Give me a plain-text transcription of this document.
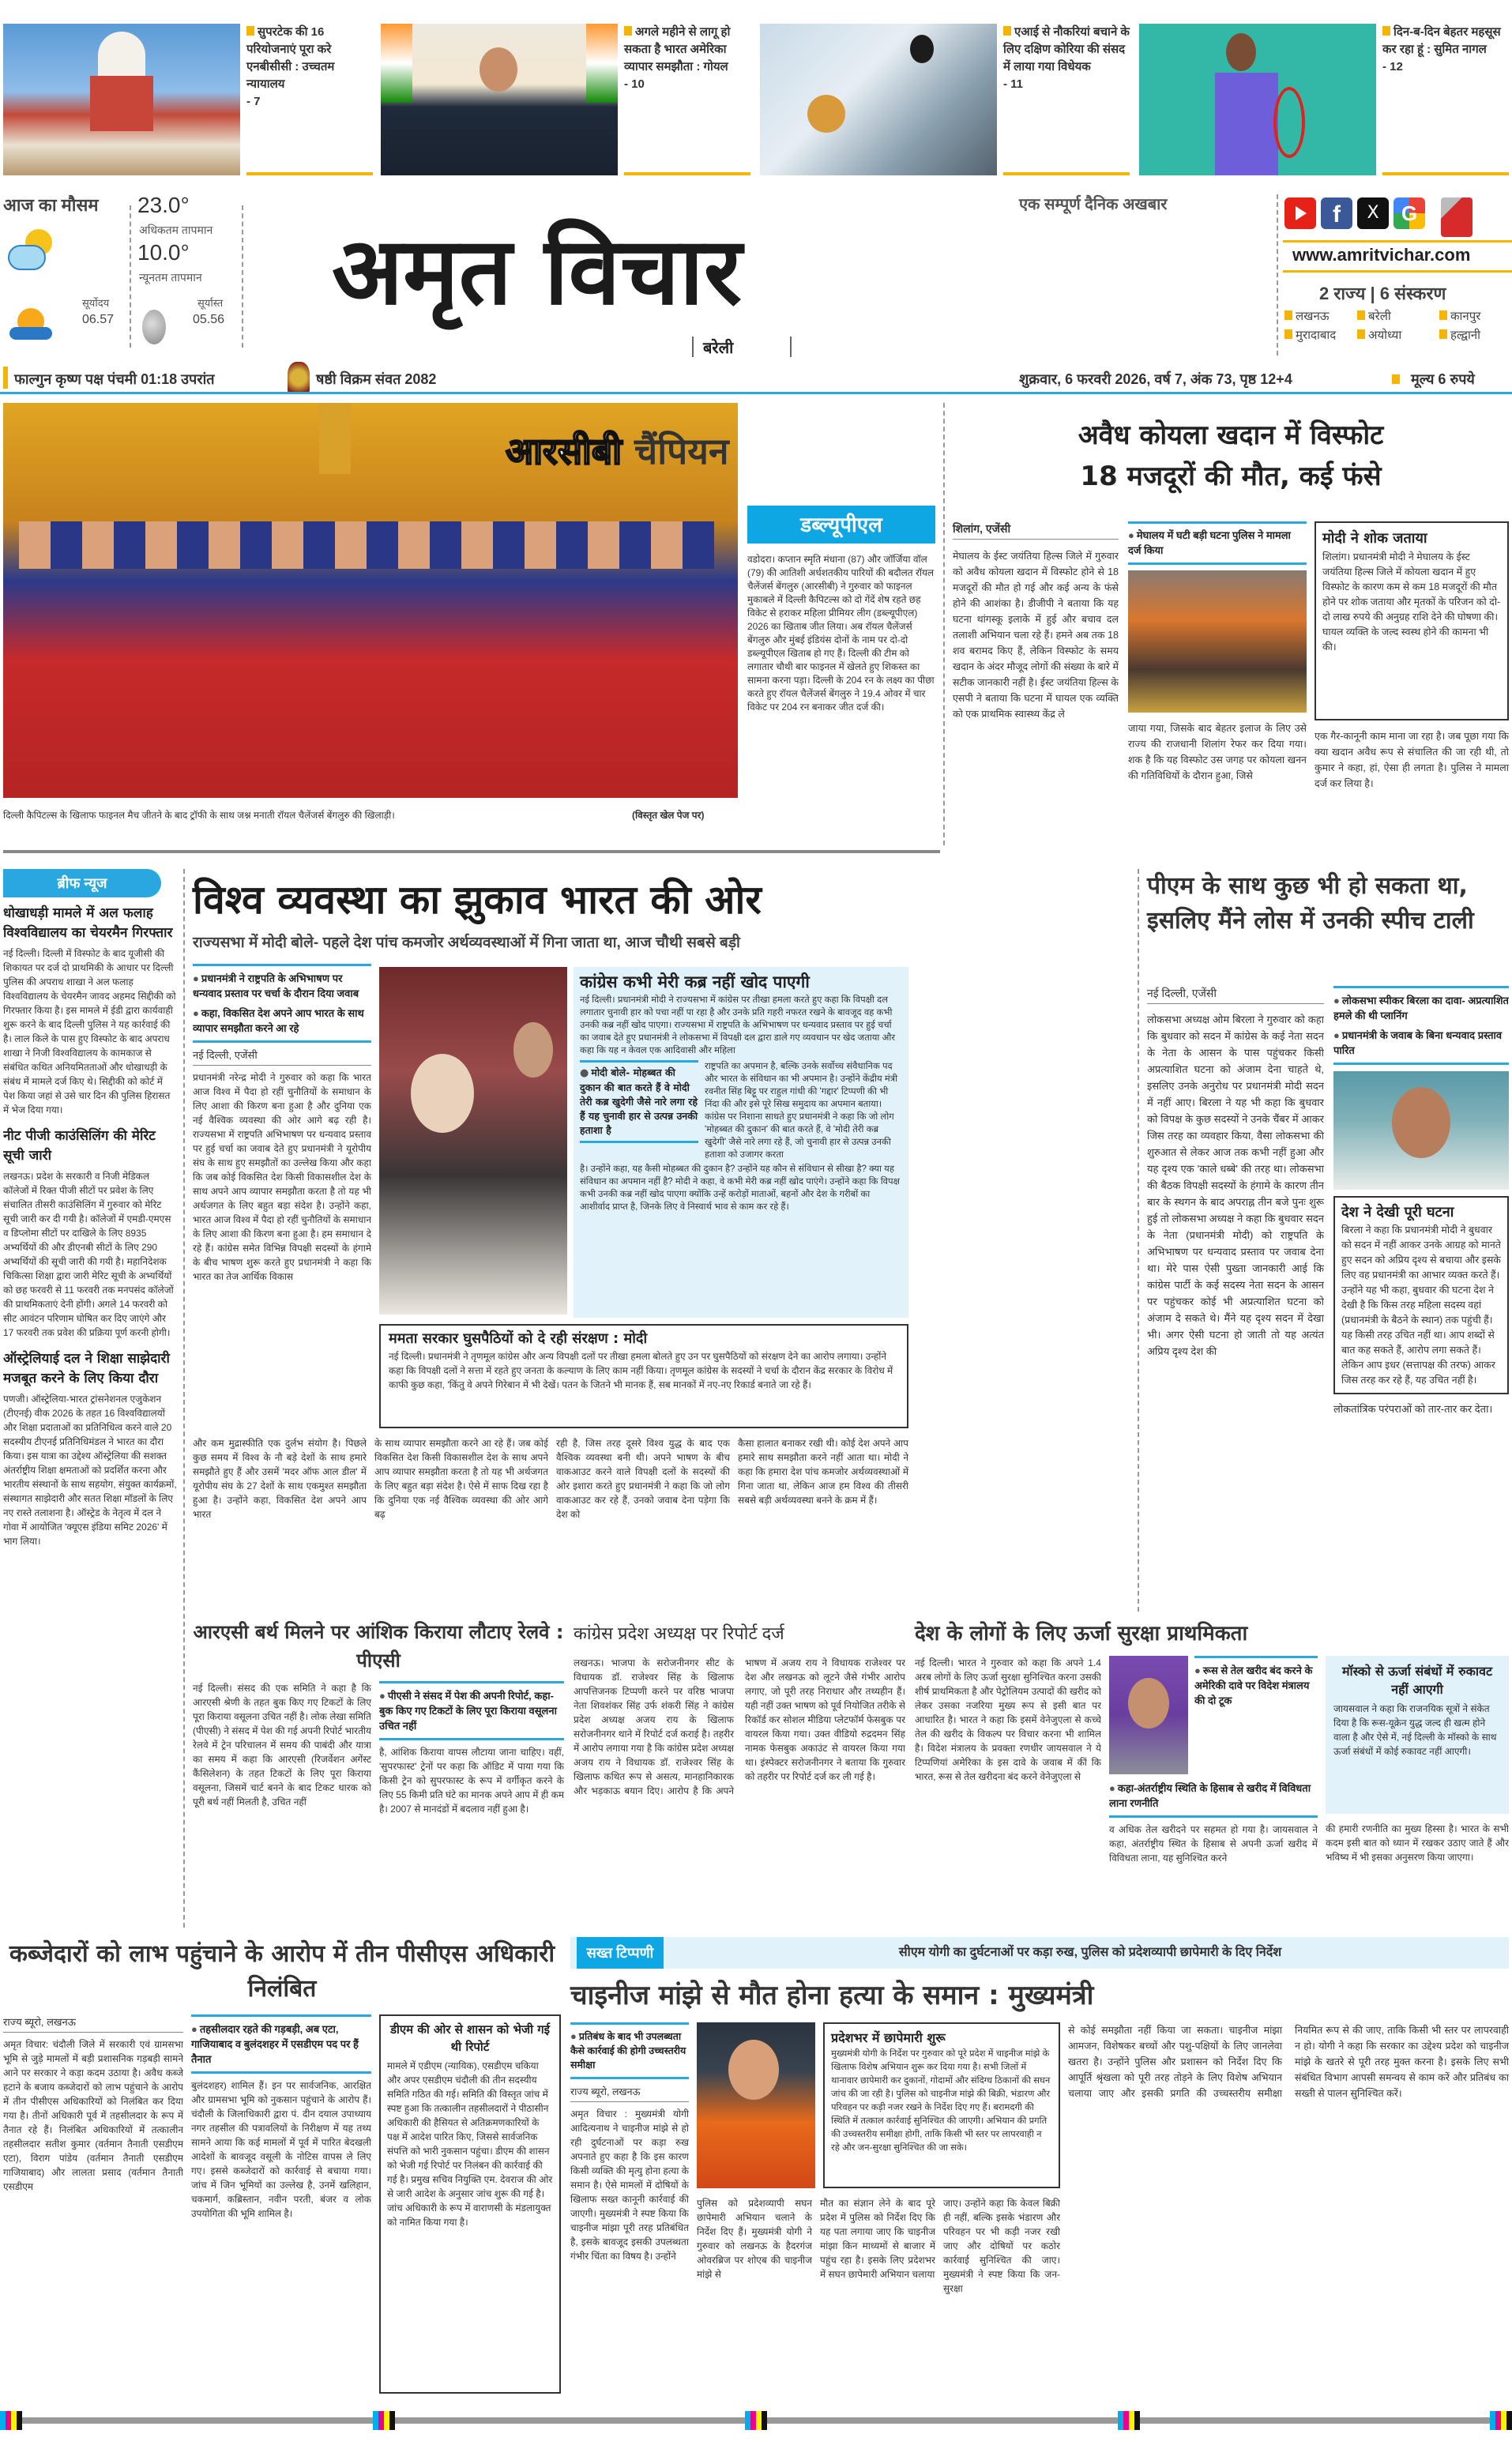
सुपरटेक की 16 परियोजनाएं पूरा करे एनबीसीसी : उच्चतम न्यायालय
- 7
अगले महीने से लागू हो सकता है भारत अमेरिका व्यापार समझौता : गोयल
- 10
एआई से नौकरियां बचाने के लिए दक्षिण कोरिया की संसद में लाया गया विधेयक
- 11
दिन-ब-दिन बेहतर महसूस कर रहा हूं : सुमित नागल
- 12
आज का मौसम 23.0°
अधिकतम तापमान
10.0°
न्यूनतम तापमान
सूर्योदय
06.57
सूर्यास्त
05.56 अमृत विचार
एक सम्पूर्ण दैनिक अखबार
बरेली
f	X	G
www.amritvichar.com
2 राज्य | 6 संस्करण
लखनऊ	बरेली	कानपुर
मुरादाबाद	अयोध्या	हल्द्वानी
फाल्गुन कृष्ण पक्ष पंचमी 01:18 उपरांत	षष्ठी विक्रम संवत 2082	शुक्रवार, 6 फरवरी 2026, वर्ष 7, अंक 73, पृष्ठ 12+4	मूल्य 6 रुपये
आरसीबी चैंपियन
डब्ल्यूपीएल
वडोदरा। कप्तान स्मृति मंधाना (87) और जॉर्जिया वॉल (79) की आतिशी अर्धशतकीय पारियों की बदौलत रॉयल चैलेंजर्स बेंगलुरु (आरसीबी) ने गुरुवार को फाइनल मुकाबले में दिल्ली कैपिटल्स को दो गेंदें शेष रहते छह विकेट से हराकर महिला प्रीमियर लीग (डब्ल्यूपीएल) 2026 का खिताब जीत लिया। अब रॉयल चैलेंजर्स बेंगलुरु और मुंबई इंडियंस दोनों के नाम पर दो-दो डब्ल्यूपीएल खिताब हो गए हैं। दिल्ली की टीम को लगातार चौथी बार फाइनल में खेलते हुए शिकस्त का सामना करना पड़ा। दिल्ली के 204 रन के लक्ष्य का पीछा करते हुए रॉयल चैलेंजर्स बेंगलुरु ने 19.4 ओवर में चार विकेट पर 204 रन बनाकर जीत दर्ज की।
दिल्ली कैपिटल्स के खिलाफ फाइनल मैच जीतने के बाद ट्रॉफी के साथ जश्न मनाती रॉयल चैलेंजर्स बेंगलुरु की खिलाड़ी।	(विस्तृत खेल पेज पर)
अवैध कोयला खदान में विस्फोट
18 मजदूरों की मौत, कई फंसे
शिलांग, एजेंसी
मेघालय के ईस्ट जयंतिया हिल्स जिले में गुरुवार को अवैध कोयला खदान में विस्फोट होने से 18 मजदूरों की मौत हो गई और कई अन्य के फंसे होने की आशंका है। डीजीपी ने बताया कि यह घटना थांगस्कू इलाके में हुई और बचाव दल तलाशी अभियान चला रहे हैं। हमने अब तक 18 शव बरामद किए हैं, लेकिन विस्फोट के समय खदान के अंदर मौजूद लोगों की संख्या के बारे में सटीक जानकारी नहीं है। ईस्ट जयंतिया हिल्स के एसपी ने बताया कि घटना में घायल एक व्यक्ति को एक प्राथमिक स्वास्थ्य केंद्र ले
● मेघालय में घटी बड़ी घटना पुलिस ने मामला दर्ज किया
जाया गया, जिसके बाद बेहतर इलाज के लिए उसे राज्य की राजधानी शिलांग रेफर कर दिया गया। शक है कि यह विस्फोट उस जगह पर कोयला खनन की गतिविधियों के दौरान हुआ, जिसे
मोदी ने शोक जताया
शिलांग। प्रधानमंत्री मोदी ने मेघालय के ईस्ट जयंतिया हिल्स जिले में कोयला खदान में हुए विस्फोट के कारण कम से कम 18 मजदूरों की मौत होने पर शोक जताया और मृतकों के परिजन को दो-दो लाख रुपये की अनुग्रह राशि देने की घोषणा की। घायल व्यक्ति के जल्द स्वस्थ होने की कामना भी की।
एक गैर-कानूनी काम माना जा रहा है। जब पूछा गया कि क्या खदान अवैध रूप से संचालित की जा रही थी, तो कुमार ने कहा, हां, ऐसा ही लगता है। पुलिस ने मामला दर्ज कर लिया है।
ब्रीफ न्यूज
धोखाधड़ी मामले में अल फलाह विश्वविद्यालय का चेयरमैन गिरफ्तार
नई दिल्ली। दिल्ली में विस्फोट के बाद यूजीसी की शिकायत पर दर्ज दो प्राथमिकी के आधार पर दिल्ली पुलिस की अपराध शाखा ने अल फलाह विश्वविद्यालय के चेयरमैन जावद अहमद सिद्दीकी को गिरफ्तार किया है। इस मामले में ईडी द्वारा कार्यवाही शुरू करने के बाद दिल्ली पुलिस ने यह कार्रवाई की है। लाल किले के पास हुए विस्फोट के बाद अपराध शाखा ने निजी विश्वविद्यालय के कामकाज से संबंधित कथित अनियमितताओं और धोखाधड़ी के संबंध में मामले दर्ज किए थे। सिद्दीकी को कोर्ट में पेश किया जहां से उसे चार दिन की पुलिस हिरासत में भेज दिया गया।
नीट पीजी काउंसिलिंग की मेरिट सूची जारी
लखनऊ। प्रदेश के सरकारी व निजी मेडिकल कॉलेजों में रिक्त पीजी सीटों पर प्रवेश के लिए संचालित तीसरी काउंसिलिंग में गुरुवार को मेरिट सूची जारी कर दी गयी है। कॉलेजों में एमडी-एमएस व डिप्लोमा सीटों पर दाखिले के लिए 8935 अभ्यर्थियों की और डीएनबी सीटों के लिए 290 अभ्यर्थियों की सूची जारी की गयी है। महानिदेशक चिकित्सा शिक्षा द्वारा जारी मेरिट सूची के अभ्यर्थियों को छह फरवरी से 11 फरवरी तक मनपसंद कॉलेजों की प्राथमिकताएं देनी होंगी। अगले 14 फरवरी को सीट आवंटन परिणाम घोषित कर दिए जाएंगे और 17 फरवरी तक प्रवेश की प्रक्रिया पूर्ण करनी होगी।
ऑस्ट्रेलियाई दल ने शिक्षा साझेदारी मजबूत करने के लिए किया दौरा
पणजी। ऑस्ट्रेलिया-भारत ट्रांसनेशनल एजुकेशन (टीएनई) वीक 2026 के तहत 16 विश्वविद्यालयों और शिक्षा प्रदाताओं का प्रतिनिधित्व करने वाले 20 सदस्यीय टीएनई प्रतिनिधिमंडल ने भारत का दौरा किया। इस यात्रा का उद्देश्य ऑस्ट्रेलिया की सशक्त अंतर्राष्ट्रीय शिक्षा क्षमताओं को प्रदर्शित करना और भारतीय संस्थानों के साथ सहयोग, संयुक्त कार्यक्रमों, संस्थागत साझेदारी और सतत शिक्षा मॉडलों के लिए नए रास्ते तलाशना है। ऑस्ट्रेड के नेतृत्व में दल ने गोवा में आयोजित 'क्यूएस इंडिया समिट 2026' में भाग लिया।
विश्व व्यवस्था का झुकाव भारत की ओर
राज्यसभा में मोदी बोले- पहले देश पांच कमजोर अर्थव्यवस्थाओं में गिना जाता था, आज चौथी सबसे बड़ी
● प्रधानमंत्री ने राष्ट्रपति के अभिभाषण पर धन्यवाद प्रस्ताव पर चर्चा के दौरान दिया जवाब
● कहा, विकसित देश अपने आप भारत के साथ व्यापार समझौता करने आ रहे
नई दिल्ली, एजेंसी
प्रधानमंत्री नरेन्द्र मोदी ने गुरुवार को कहा कि भारत आज विश्व में पैदा हो रहीं चुनौतियों के समाधान के लिए आशा की किरण बना हुआ है और दुनिया एक नई वैश्विक व्यवस्था की ओर आगे बढ़ रही है। राज्यसभा में राष्ट्रपति अभिभाषण पर धन्यवाद प्रस्ताव पर हुई चर्चा का जवाब देते हुए प्रधानमंत्री ने यूरोपीय संघ के साथ हुए समझौतों का उल्लेख किया और कहा कि जब कोई विकसित देश किसी विकासशील देश के साथ अपने आप व्यापार समझौता करता है तो यह भी अर्थजगत के लिए बहुत बड़ा संदेश है। उन्होंने कहा, भारत आज विश्व में पैदा हो रहीं चुनौतियों के समाधान के लिए आशा की किरण बना हुआ है। हम समाधान दे रहे हैं। कांग्रेस समेत विभिन्न विपक्षी सदस्यों के हंगामे के बीच भाषण शुरू करते हुए प्रधानमंत्री ने कहा कि भारत का तेज आर्थिक विकास
कांग्रेस कभी मेरी कब्र नहीं खोद पाएगी
नई दिल्ली। प्रधानमंत्री मोदी ने राज्यसभा में कांग्रेस पर तीखा हमला करते हुए कहा कि विपक्षी दल लगातार चुनावी हार को पचा नहीं पा रहा है और उनके प्रति गहरी नफरत रखने के बावजूद वह कभी उनकी कब्र नहीं खोद पाएगा। राज्यसभा में राष्ट्रपति के अभिभाषण पर धन्यवाद प्रस्ताव पर हुई चर्चा का जवाब देते हुए प्रधानमंत्री ने लोकसभा में विपक्षी दल द्वारा डाले गए व्यवधान पर खेद जताया और कहा कि यह न केवल एक आदिवासी और महिला
● मोदी बोले- मोहब्बत की दुकान की बात करते हैं वे मोदी तेरी कब्र खुदेगी जैसे नारे लगा रहे हैं यह चुनावी हार से उत्पन्न उनकी हताशा है
राष्ट्रपति का अपमान है, बल्कि उनके सर्वोच्च संवैधानिक पद और भारत के संविधान का भी अपमान है। उन्होंने केंद्रीय मंत्री रवनीत सिंह बिट्टू पर राहुल गांधी की 'गद्दार' टिप्पणी की भी निंदा की और इसे पूरे सिख समुदाय का अपमान बताया। कांग्रेस पर निशाना साधते हुए प्रधानमंत्री ने कहा कि जो लोग 'मोहब्बत की दुकान' की बात करते हैं, वे 'मोदी तेरी कब्र खुदेगी' जैसे नारे लगा रहे हैं, जो चुनावी हार से उत्पन्न उनकी हताशा को उजागर करता
है। उन्होंने कहा, यह कैसी मोहब्बत की दुकान है? उन्होंने यह कौन से संविधान से सीखा है? क्या यह संविधान का अपमान नहीं है? मोदी ने कहा, वे कभी मेरी कब्र नहीं खोद पाएंगे। उन्होंने कहा कि विपक्ष कभी उनकी कब्र नहीं खोद पाएगा क्योंकि उन्हें करोड़ों माताओं, बहनों और देश के गरीबों का आशीर्वाद प्राप्त है, जिनके लिए वे निस्वार्थ भाव से काम कर रहे हैं।
ममता सरकार घुसपैठियों को दे रही संरक्षण : मोदी
नई दिल्ली। प्रधानमंत्री ने तृणमूल कांग्रेस और अन्य विपक्षी दलों पर तीखा हमला बोलते हुए उन पर घुसपैठियों को संरक्षण देने का आरोप लगाया। उन्होंने कहा कि विपक्षी दलों ने सत्ता में रहते हुए जनता के कल्याण के लिए काम नहीं किया। तृणमूल कांग्रेस के सदस्यों ने चर्चा के दौरान केंद्र सरकार के विरोध में काफी कुछ कहा, 'किंतु वे अपने गिरेबान में भी देखें। पतन के जितने भी मानक हैं, सब मानकों में नए-नए रिकार्ड बनाते जा रहे हैं।
और कम मुद्रास्फीति एक दुर्लभ संयोग है। पिछले कुछ समय में विश्व के नौ बड़े देशों के साथ हमारे समझौते हुए हैं और उसमें 'मदर ऑफ आल डील' में यूरोपीय संघ के 27 देशों के साथ एकमुश्त समझौता हुआ है। उन्होंने कहा, विकसित देश अपने आप भारत
के साथ व्यापार समझौता करने आ रहे हैं। जब कोई विकसित देश किसी विकासशील देश के साथ अपने आप व्यापार समझौता करता है तो यह भी अर्थजगत के लिए बहुत बड़ा संदेश है। ऐसे में साफ दिख रहा है कि दुनिया एक नई वैश्विक व्यवस्था की ओर आगे बढ़
रही है, जिस तरह दूसरे विश्व युद्ध के बाद एक वैश्विक व्यवस्था बनी थी। अपने भाषण के बीच वाकआउट करने वाले विपक्षी दलों के सदस्यों की ओर इशारा करते हुए प्रधानमंत्री ने कहा कि जो लोग वाकआउट कर रहे हैं, उनको जवाब देना पड़ेगा कि देश को
कैसा हालात बनाकर रखी थी। कोई देश अपने आप हमारे साथ समझौता करने नहीं आता था। मोदी ने कहा कि हमारा देश पांच कमजोर अर्थव्यवस्थाओं में गिना जाता था, लेकिन आज हम विश्व की तीसरी सबसे बड़ी अर्थव्यवस्था बनने के क्रम में हैं।
पीएम के साथ कुछ भी हो सकता था, इसलिए मैंने लोस में उनकी स्पीच टाली
नई दिल्ली, एजेंसी
लोकसभा अध्यक्ष ओम बिरला ने गुरुवार को कहा कि बुधवार को सदन में कांग्रेस के कई नेता सदन के नेता के आसन के पास पहुंचकर किसी अप्रत्याशित घटना को अंजाम देना चाहते थे, इसलिए उनके अनुरोध पर प्रधानमंत्री मोदी सदन में नहीं आए। बिरला ने यह भी कहा कि बुधवार को विपक्ष के कुछ सदस्यों ने उनके चैंबर में आकर जिस तरह का व्यवहार किया, वैसा लोकसभा की शुरुआत से लेकर आज तक कभी नहीं हुआ और यह दृश्य एक 'काले धब्बे' की तरह था। लोकसभा की बैठक विपक्षी सदस्यों के हंगामे के कारण तीन बार के स्थगन के बाद अपराह्न तीन बजे पुनः शुरू हुई तो लोकसभा अध्यक्ष ने कहा कि बुधवार सदन के नेता (प्रधानमंत्री मोदी) को राष्ट्रपति के अभिभाषण पर धन्यवाद प्रस्ताव पर जवाब देना था। मेरे पास ऐसी पुख्ता जानकारी आई कि कांग्रेस पार्टी के कई सदस्य नेता सदन के आसन पर पहुंचकर कोई भी अप्रत्याशित घटना को अंजाम दे सकते थे। मैंने यह दृश्य सदन में देखा भी। अगर ऐसी घटना हो जाती तो यह अत्यंत अप्रिय दृश्य देश की
● लोकसभा स्पीकर बिरला का दावा- अप्रत्याशित हमले की थी प्लानिंग
● प्रधानमंत्री के जवाब के बिना धन्यवाद प्रस्ताव पारित
देश ने देखी पूरी घटना
बिरला ने कहा कि प्रधानमंत्री मोदी ने बुधवार को सदन में नहीं आकर उनके आग्रह को मानते हुए सदन को अप्रिय दृश्य से बचाया और इसके लिए वह प्रधानमंत्री का आभार व्यक्त करते हैं। उन्होंने यह भी कहा, बुधवार की घटना देश ने देखी है कि किस तरह महिला सदस्य वहां (प्रधानमंत्री के बैठने के स्थान) तक पहुंची हैं। यह किसी तरह उचित नहीं था। आप शब्दों से बात कह सकते हैं, आरोप लगा सकते हैं। लेकिन आप इधर (सत्तापक्ष की तरफ) आकर जिस तरह कर रहे हैं, यह उचित नहीं है।
लोकतांत्रिक परंपराओं को तार-तार कर देता।
आरएसी बर्थ मिलने पर आंशिक किराया लौटाए रेलवे : पीएसी
नई दिल्ली। संसद की एक समिति ने कहा है कि आरएसी श्रेणी के तहत बुक किए गए टिकटों के लिए पूरा किराया वसूलना उचित नहीं है। लोक लेखा समिति (पीएसी) ने संसद में पेश की गई अपनी रिपोर्ट भारतीय रेलवे में ट्रेन परिचालन में समय की पाबंदी और यात्रा का समय में कहा कि आरएसी (रिजर्वेशन अगेंस्ट कैंसिलेशन) के तहत टिकटों के लिए पूरा किराया वसूलना, जिसमें चार्ट बनने के बाद टिकट धारक को पूरी बर्थ नहीं मिलती है, उचित नहीं
● पीएसी ने संसद में पेश की अपनी रिपोर्ट, कहा- बुक किए गए टिकटों के लिए पूरा किराया वसूलना उचित नहीं
है, आंशिक किराया वापस लौटाया जाना चाहिए। वहीं, 'सुपरफास्ट' ट्रेनों पर कहा कि ऑडिट में पाया गया कि किसी ट्रेन को सुपरफास्ट के रूप में वर्गीकृत करने के लिए 55 किमी प्रति घंटे का मानक अपने आप में ही कम है। 2007 से मानदंडों में बदलाव नहीं हुआ है।
कांग्रेस प्रदेश अध्यक्ष पर रिपोर्ट दर्ज
लखनऊ। भाजपा के सरोजनीनगर सीट के विधायक डॉ. राजेश्वर सिंह के खिलाफ आपत्तिजनक टिप्पणी करने पर वरिष्ठ भाजपा नेता शिवशंकर सिंह उर्फ शंकरी सिंह ने कांग्रेस प्रदेश अध्यक्ष अजय राय के खिलाफ सरोजनीनगर थाने में रिपोर्ट दर्ज कराई है। तहरीर में आरोप लगाया गया है कि कांग्रेस प्रदेश अध्यक्ष अजय राय ने विधायक डॉ. राजेश्वर सिंह के खिलाफ कथित रूप से असत्य, मानहानिकारक और भड़काऊ बयान दिए। आरोप है कि अपने भाषण में अजय राय ने विधायक राजेश्वर पर देश और लखनऊ को लूटने जैसे गंभीर आरोप लगाए, जो पूरी तरह निराधार और तथ्यहीन हैं। यही नहीं उक्त भाषण को पूर्व नियोजित तरीके से रिकॉर्ड कर सोशल मीडिया प्लेटफॉर्म फेसबुक पर वायरल किया गया। उक्त वीडियो रुद्रदमन सिंह नामक फेसबुक अकाउंट से वायरल किया गया था। इंस्पेक्टर सरोजनीनगर ने बताया कि गुरुवार को तहरीर पर रिपोर्ट दर्ज कर ली गई है।
देश के लोगों के लिए ऊर्जा सुरक्षा प्राथमिकता
नई दिल्ली। भारत ने गुरुवार को कहा कि अपने 1.4 अरब लोगों के लिए ऊर्जा सुरक्षा सुनिश्चित करना उसकी शीर्ष प्राथमिकता है और पेट्रोलियम उत्पादों की खरीद को लेकर उसका नजरिया मुख्य रूप से इसी बात पर आधारित है। भारत ने कहा कि इसमें वेनेजुएला से कच्चे तेल की खरीद के विकल्प पर विचार करना भी शामिल है। विदेश मंत्रालय के प्रवक्ता रणधीर जायसवाल ने ये टिप्पणियां अमेरिका के इस दावे के जवाब में कीं कि भारत, रूस से तेल खरीदना बंद करने वेनेजुएला से
● रूस से तेल खरीद बंद करने के अमेरिकी दावे पर विदेश मंत्रालय की दो टूक
● कहा-अंतर्राष्ट्रीय स्थिति के हिसाब से खरीद में विविधता लाना रणनीति
व अधिक तेल खरीदने पर सहमत हो गया है। जायसवाल ने कहा, अंतर्राष्ट्रीय स्थित के हिसाब से अपनी ऊर्जा खरीद में विविधता लाना, यह सुनिश्चित करने
मॉस्को से ऊर्जा संबंधों में रुकावट नहीं आएगी
जायसवाल ने कहा कि राजनयिक सूत्रों ने संकेत दिया है कि रूस-यूक्रेन युद्ध जल्द ही खत्म होने वाला है और ऐसे में, नई दिल्ली के मॉस्को के साथ ऊर्जा संबंधों में कोई रुकावट नहीं आएगी।
की हमारी रणनीति का मुख्य हिस्सा है। भारत के सभी कदम इसी बात को ध्यान में रखकर उठाए जाते हैं और भविष्य में भी इसका अनुसरण किया जाएगा।
कब्जेदारों को लाभ पहुंचाने के आरोप में तीन पीसीएस अधिकारी निलंबित
राज्य ब्यूरो, लखनऊ
अमृत विचार: चंदौली जिले में सरकारी एवं ग्रामसभा भूमि से जुड़े मामलों में बड़ी प्रशासनिक गड़बड़ी सामने आने पर सरकार ने कड़ा कदम उठाया है। अवैध कब्जे हटाने के बजाय कब्जेदारों को लाभ पहुंचाने के आरोप में तीन पीसीएस अधिकारियों को निलंबित कर दिया गया है। तीनों अधिकारी पूर्व में तहसीलदार के रूप में तैनात रहे हैं। निलंबित अधिकारियों में तत्कालीन तहसीलदार सतीश कुमार (वर्तमान तैनाती एसडीएम एटा), विराग पांडेय (वर्तमान तैनाती एसडीएम गाजियाबाद) और लालता प्रसाद (वर्तमान तैनाती एसडीएम
● तहसीलदार रहते की गड़बड़ी, अब एटा, गाजियाबाद व बुलंदशहर में एसडीएम पद पर हैं तैनात
बुलंदशहर) शामिल हैं। इन पर सार्वजनिक, आरक्षित और ग्रामसभा भूमि को नुकसान पहुंचाने के आरोप हैं। चंदौली के जिलाधिकारी द्वारा पं. दीन दयाल उपाध्याय नगर तहसील की पत्रावलियों के निरीक्षण में यह तथ्य सामने आया कि कई मामलों में पूर्व में पारित बेदखली आदेशों के बावजूद वसूली के नोटिस वापस ले लिए गए। इससे कब्जेदारों को कार्रवाई से बचाया गया। जांच में जिन भूमियों का उल्लेख है, उनमें खलिहान, चकमार्ग, कब्रिस्तान, नवीन परती, बंजर व लोक उपयोगिता की भूमि शामिल है।
डीएम की ओर से शासन को भेजी गई थी रिपोर्ट
मामले में एडीएम (न्यायिक), एसडीएम चकिया और अपर एसडीएम चंदौली की तीन सदस्यीय समिति गठित की गई। समिति की विस्तृत जांच में स्पष्ट हुआ कि तत्कालीन तहसीलदारों ने पीठासीन अधिकारी की हैसियत से अतिक्रमणकारियों के पक्ष में आदेश पारित किए, जिससे सार्वजनिक संपत्ति को भारी नुकसान पहुंचा। डीएम की शासन को भेजी गई रिपोर्ट पर निलंबन की कार्रवाई की गई है। प्रमुख सचिव नियुक्ति एम. देवराज की ओर से जारी आदेश के अनुसार जांच शुरू की गई है। जांच अधिकारी के रूप में वाराणसी के मंडलायुक्त को नामित किया गया है।
सख्त टिप्पणी	सीएम योगी का दुर्घटनाओं पर कड़ा रुख, पुलिस को प्रदेशव्यापी छापेमारी के दिए निर्देश
चाइनीज मांझे से मौत होना हत्या के समान : मुख्यमंत्री
● प्रतिबंध के बाद भी उपलब्धता कैसे कार्रवाई की होगी उच्चस्तरीय समीक्षा
राज्य ब्यूरो, लखनऊ
अमृत विचार : मुख्यमंत्री योगी आदित्यनाथ ने चाइनीज मांझे से हो रही दुर्घटनाओं पर कड़ा रुख अपनाते हुए कहा है कि इस कारण किसी व्यक्ति की मृत्यु होना हत्या के समान है। ऐसे मामलों में दोषियों के खिलाफ सख्त कानूनी कार्रवाई की जाएगी। मुख्यमंत्री ने स्पष्ट किया कि चाइनीज मांझा पूरी तरह प्रतिबंधित है, इसके बावजूद इसकी उपलब्धता गंभीर चिंता का विषय है। उन्होंने
प्रदेशभर में छापेमारी शुरू
मुख्यमंत्री योगी के निर्देश पर गुरुवार को पूरे प्रदेश में चाइनीज मांझे के खिलाफ विशेष अभियान शुरू कर दिया गया है। सभी जिलों में थानावार छापेमारी कर दुकानों, गोदामों और संदिग्ध ठिकानों की सघन जांच की जा रही है। पुलिस को चाइनीज मांझे की बिक्री, भंडारण और परिवहन पर कड़ी नजर रखने के निर्देश दिए गए हैं। बरामदगी की स्थिति में तत्काल कार्रवाई सुनिश्चित की जाएगी। अभियान की प्रगति की उच्चस्तरीय समीक्षा होगी, ताकि किसी भी स्तर पर लापरवाही न रहे और जन-सुरक्षा सुनिश्चित की जा सके।
पुलिस को प्रदेशव्यापी सघन छापेमारी अभियान चलाने के निर्देश दिए हैं। मुख्यमंत्री योगी ने गुरुवार को लखनऊ के हैदरगंज ओवरब्रिज पर शोएब की चाइनीज मांझे से
मौत का संज्ञान लेने के बाद पूरे प्रदेश में पुलिस को निर्देश दिए कि यह पता लगाया जाए कि चाइनीज मांझा किन माध्यमों से बाजार में पहुंच रहा है। इसके लिए प्रदेशभर में सघन छापेमारी अभियान चलाया
जाए। उन्होंने कहा कि केवल बिक्री ही नहीं, बल्कि इसके भंडारण और परिवहन पर भी कड़ी नजर रखी जाए और दोषियों पर कठोर कार्रवाई सुनिश्चित की जाए। मुख्यमंत्री ने स्पष्ट किया कि जन-सुरक्षा
से कोई समझौता नहीं किया जा सकता। चाइनीज मांझा आमजन, विशेषकर बच्चों और पशु-पक्षियों के लिए जानलेवा खतरा है। उन्होंने पुलिस और प्रशासन को निर्देश दिए कि आपूर्ति श्रृंखला को पूरी तरह तोड़ने के लिए विशेष अभियान चलाया जाए और इसकी प्रगति की उच्चस्तरीय समीक्षा नियमित रूप से की जाए, ताकि किसी भी स्तर पर लापरवाही न हो। योगी ने कहा कि सरकार का उद्देश्य प्रदेश को चाइनीज मांझे के खतरे से पूरी तरह मुक्त करना है। इसके लिए सभी संबंधित विभाग आपसी समन्वय से काम करें और प्रतिबंध का सख्ती से पालन सुनिश्चित करें।
